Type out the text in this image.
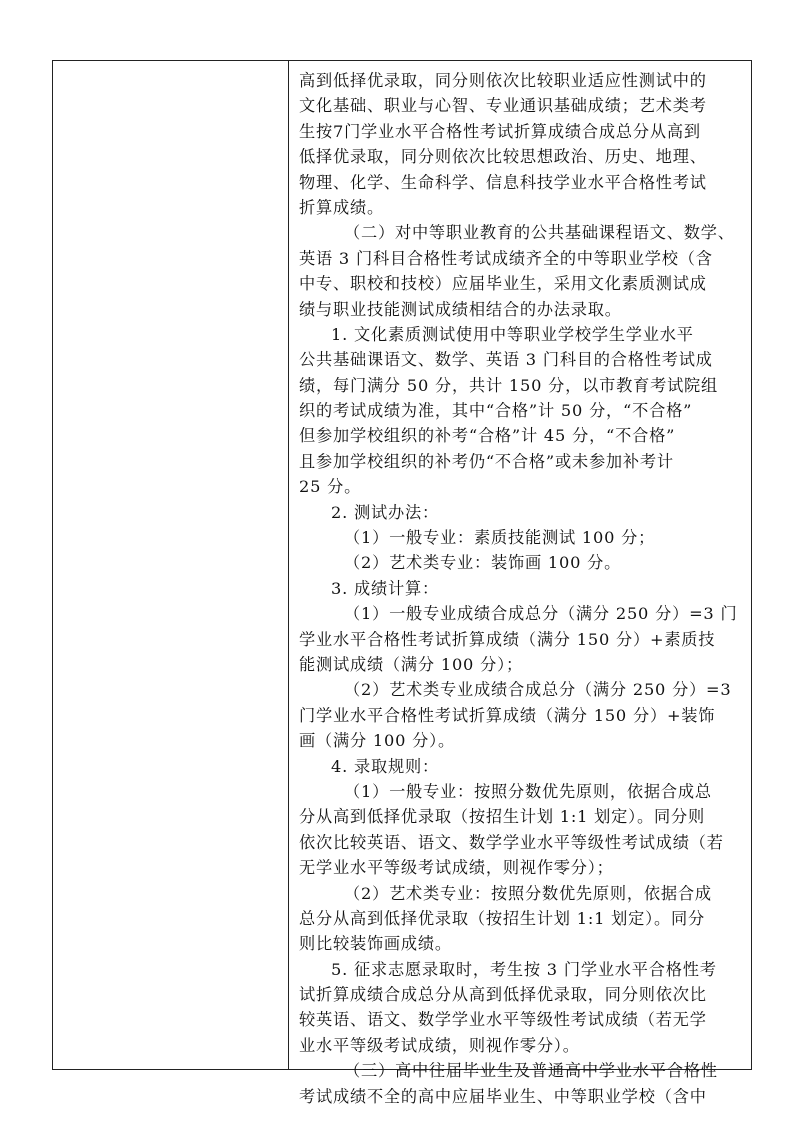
高到低择优录取，同分则依次比较职业适应性测试中的
文化基础、职业与心智、专业通识基础成绩；艺术类考
生按7门学业水平合格性考试折算成绩合成总分从高到
低择优录取，同分则依次比较思想政治、历史、地理、
物理、化学、生命科学、信息科技学业水平合格性考试
折算成绩。
（二）对中等职业教育的公共基础课程语文、数学、
英语 3 门科目合格性考试成绩齐全的中等职业学校（含
中专、职校和技校）应届毕业生，采用文化素质测试成
绩与职业技能测试成绩相结合的办法录取。
1. 文化素质测试使用中等职业学校学生学业水平
公共基础课语文、数学、英语 3 门科目的合格性考试成
绩，每门满分 50 分，共计 150 分，以市教育考试院组
织的考试成绩为准，其中“合格”计 50 分，“不合格”
但参加学校组织的补考“合格”计 45 分，“不合格”
且参加学校组织的补考仍“不合格”或未参加补考计
25 分。
2. 测试办法：
（1）一般专业：素质技能测试 100 分；
（2）艺术类专业：装饰画 100 分。
3. 成绩计算：
（1）一般专业成绩合成总分（满分 250 分）=3 门
学业水平合格性考试折算成绩（满分 150 分）+素质技
能测试成绩（满分 100 分）；
（2）艺术类专业成绩合成总分（满分 250 分）=3
门学业水平合格性考试折算成绩（满分 150 分）+装饰
画（满分 100 分）。
4. 录取规则：
（1）一般专业：按照分数优先原则，依据合成总
分从高到低择优录取（按招生计划 1:1 划定）。同分则
依次比较英语、语文、数学学业水平等级性考试成绩（若
无学业水平等级考试成绩，则视作零分）；
（2）艺术类专业：按照分数优先原则，依据合成
总分从高到低择优录取（按招生计划 1:1 划定）。同分
则比较装饰画成绩。
5. 征求志愿录取时，考生按 3 门学业水平合格性考
试折算成绩合成总分从高到低择优录取，同分则依次比
较英语、语文、数学学业水平等级性考试成绩（若无学
业水平等级考试成绩，则视作零分）。
（三）高中往届毕业生及普通高中学业水平合格性
考试成绩不全的高中应届毕业生、中等职业学校（含中
